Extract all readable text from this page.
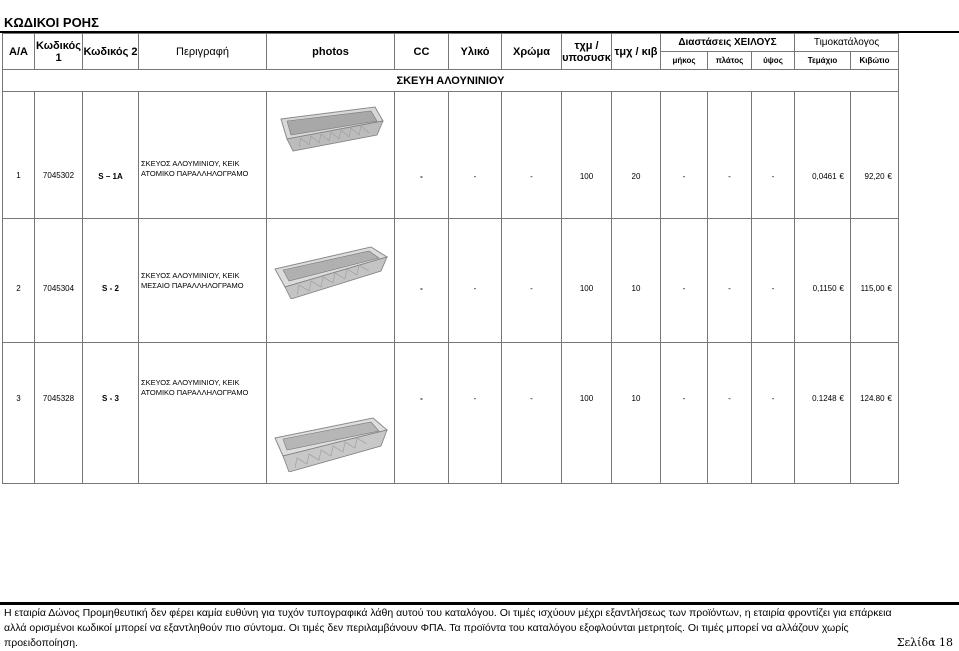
ΚΩΔΙΚΟΙ ΡΟΗΣ
Α/Α	Κωδικός 1	Κωδικός 2	Περιγραφή	photos	CC	Υλικό	Χρώμα	τχμ / υποσυσκ	τμχ / κιβ	Διαστάσεις ΧΕΙΛΟΥΣ			Τιμοκατάλογος	
										μήκος	πλάτος	ύψος	Τεμάχιο	Κιβώτιο
ΣΚΕΥΗ ΑΛΟΥΝΙΝΙΟΥ														
1	7045302	S – 1A	ΣΚΕΥΟΣ ΑΛΟΥΜΙΝΙΟΥ, ΚΕΙΚ
ΑΤΟΜΙΚΟ ΠΑΡΑΛΛΗΛΟΓΡΑΜΟ		-	-	-	100	20	-	-	-	0,0461 €	92,20 €
2	7045304	S - 2	ΣΚΕΥΟΣ ΑΛΟΥΜΙΝΙΟΥ, ΚΕΙΚ
ΜΕΣΑΙΟ ΠΑΡΑΛΛΗΛΟΓΡΑΜΟ		-	-	-	100	10	-	-	-	0,1150 €	115,00 €
3	7045328	S - 3	ΣΚΕΥΟΣ ΑΛΟΥΜΙΝΙΟΥ, ΚΕΙΚ
ΑΤΟΜΙΚΟ ΠΑΡΑΛΛΗΛΟΓΡΑΜΟ		-	-	-	100	10	-	-	-	0.1248 €	124.80 €
Η εταιρία Δώνος Προμηθευτική δεν φέρει καμία ευθύνη για τυχόν τυπογραφικά λάθη αυτού του καταλόγου. Οι τιμές ισχύουν μέχρι εξαντλήσεως των προϊόντων, η εταιρία φροντίζει για επάρκεια
αλλά ορισμένοι κωδικοί μπορεί να εξαντληθούν πιο σύντομα. Οι τιμές δεν περιλαμβάνουν ΦΠΑ. Τα προϊόντα του καταλόγου εξοφλούνται μετρητοίς. Οι τιμές μπορεί να αλλάζουν χωρίς
προειδοποίηση.	Σελίδα 18
